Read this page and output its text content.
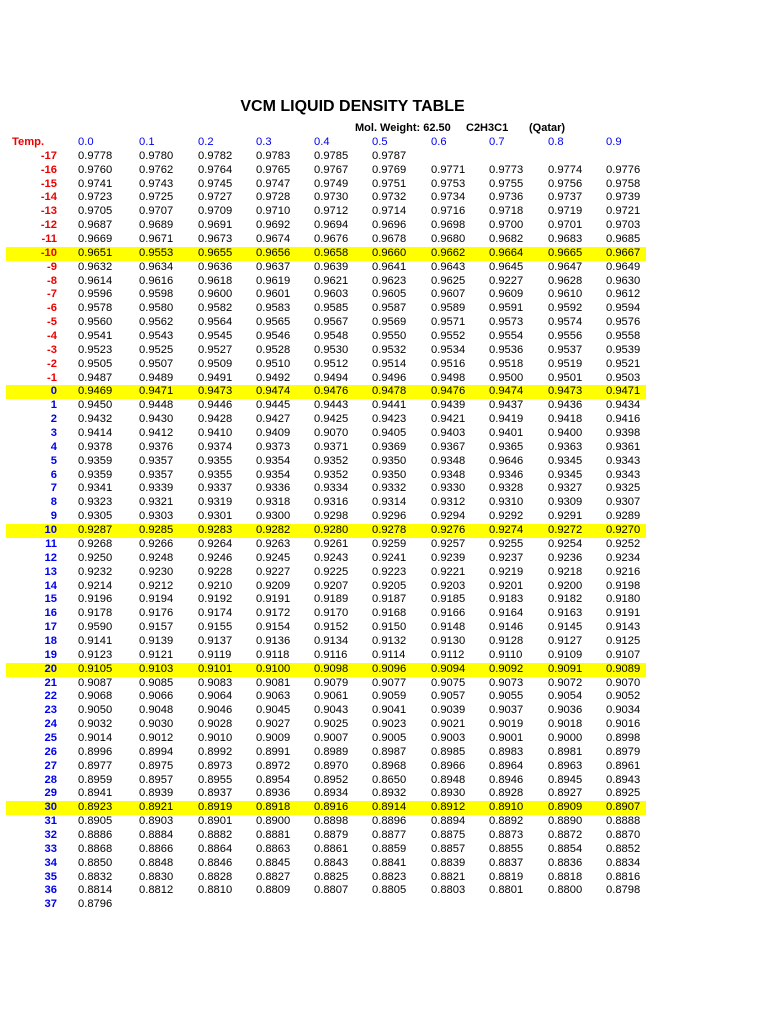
VCM LIQUID DENSITY TABLE
Mol. Weight: 62.50 C2H3C1 (Qatar)
Temp.	0.0	0.1	0.2	0.3	0.4	0.5	0.6	0.7	0.8	0.9
-17 0.9778 0.9780 0.9782 0.9783 0.9785 0.9787
-16 0.9760 0.9762 0.9764 0.9765 0.9767 0.9769 0.9771 0.9773 0.9774 0.9776
-15 0.9741 0.9743 0.9745 0.9747 0.9749 0.9751 0.9753 0.9755 0.9756 0.9758
-14 0.9723 0.9725 0.9727 0.9728 0.9730 0.9732 0.9734 0.9736 0.9737 0.9739
-13 0.9705 0.9707 0.9709 0.9710 0.9712 0.9714 0.9716 0.9718 0.9719 0.9721
-12 0.9687 0.9689 0.9691 0.9692 0.9694 0.9696 0.9698 0.9700 0.9701 0.9703
-11 0.9669 0.9671 0.9673 0.9674 0.9676 0.9678 0.9680 0.9682 0.9683 0.9685
-10 0.9651 0.9553 0.9655 0.9656 0.9658 0.9660 0.9662 0.9664 0.9665 0.9667
-9 0.9632 0.9634 0.9636 0.9637 0.9639 0.9641 0.9643 0.9645 0.9647 0.9649
-8 0.9614 0.9616 0.9618 0.9619 0.9621 0.9623 0.9625 0.9227 0.9628 0.9630
-7 0.9596 0.9598 0.9600 0.9601 0.9603 0.9605 0.9607 0.9609 0.9610 0.9612
-6 0.9578 0.9580 0.9582 0.9583 0.9585 0.9587 0.9589 0.9591 0.9592 0.9594
-5 0.9560 0.9562 0.9564 0.9565 0.9567 0.9569 0.9571 0.9573 0.9574 0.9576
-4 0.9541 0.9543 0.9545 0.9546 0.9548 0.9550 0.9552 0.9554 0.9556 0.9558
-3 0.9523 0.9525 0.9527 0.9528 0.9530 0.9532 0.9534 0.9536 0.9537 0.9539
-2 0.9505 0.9507 0.9509 0.9510 0.9512 0.9514 0.9516 0.9518 0.9519 0.9521
-1 0.9487 0.9489 0.9491 0.9492 0.9494 0.9496 0.9498 0.9500 0.9501 0.9503
0 0.9469 0.9471 0.9473 0.9474 0.9476 0.9478 0.9476 0.9474 0.9473 0.9471
1 0.9450 0.9448 0.9446 0.9445 0.9443 0.9441 0.9439 0.9437 0.9436 0.9434
2 0.9432 0.9430 0.9428 0.9427 0.9425 0.9423 0.9421 0.9419 0.9418 0.9416
3 0.9414 0.9412 0.9410 0.9409 0.9070 0.9405 0.9403 0.9401 0.9400 0.9398
4 0.9378 0.9376 0.9374 0.9373 0.9371 0.9369 0.9367 0.9365 0.9363 0.9361
5 0.9359 0.9357 0.9355 0.9354 0.9352 0.9350 0.9348 0.9646 0.9345 0.9343
6 0.9359 0.9357 0.9355 0.9354 0.9352 0.9350 0.9348 0.9346 0.9345 0.9343
7 0.9341 0.9339 0.9337 0.9336 0.9334 0.9332 0.9330 0.9328 0.9327 0.9325
8 0.9323 0.9321 0.9319 0.9318 0.9316 0.9314 0.9312 0.9310 0.9309 0.9307
9 0.9305 0.9303 0.9301 0.9300 0.9298 0.9296 0.9294 0.9292 0.9291 0.9289
10 0.9287 0.9285 0.9283 0.9282 0.9280 0.9278 0.9276 0.9274 0.9272 0.9270
11 0.9268 0.9266 0.9264 0.9263 0.9261 0.9259 0.9257 0.9255 0.9254 0.9252
12 0.9250 0.9248 0.9246 0.9245 0.9243 0.9241 0.9239 0.9237 0.9236 0.9234
13 0.9232 0.9230 0.9228 0.9227 0.9225 0.9223 0.9221 0.9219 0.9218 0.9216
14 0.9214 0.9212 0.9210 0.9209 0.9207 0.9205 0.9203 0.9201 0.9200 0.9198
15 0.9196 0.9194 0.9192 0.9191 0.9189 0.9187 0.9185 0.9183 0.9182 0.9180
16 0.9178 0.9176 0.9174 0.9172 0.9170 0.9168 0.9166 0.9164 0.9163 0.9191
17 0.9590 0.9157 0.9155 0.9154 0.9152 0.9150 0.9148 0.9146 0.9145 0.9143
18 0.9141 0.9139 0.9137 0.9136 0.9134 0.9132 0.9130 0.9128 0.9127 0.9125
19 0.9123 0.9121 0.9119 0.9118 0.9116 0.9114 0.9112 0.9110 0.9109 0.9107
20 0.9105 0.9103 0.9101 0.9100 0.9098 0.9096 0.9094 0.9092 0.9091 0.9089
21 0.9087 0.9085 0.9083 0.9081 0.9079 0.9077 0.9075 0.9073 0.9072 0.9070
22 0.9068 0.9066 0.9064 0.9063 0.9061 0.9059 0.9057 0.9055 0.9054 0.9052
23 0.9050 0.9048 0.9046 0.9045 0.9043 0.9041 0.9039 0.9037 0.9036 0.9034
24 0.9032 0.9030 0.9028 0.9027 0.9025 0.9023 0.9021 0.9019 0.9018 0.9016
25 0.9014 0.9012 0.9010 0.9009 0.9007 0.9005 0.9003 0.9001 0.9000 0.8998
26 0.8996 0.8994 0.8992 0.8991 0.8989 0.8987 0.8985 0.8983 0.8981 0.8979
27 0.8977 0.8975 0.8973 0.8972 0.8970 0.8968 0.8966 0.8964 0.8963 0.8961
28 0.8959 0.8957 0.8955 0.8954 0.8952 0.8650 0.8948 0.8946 0.8945 0.8943
29 0.8941 0.8939 0.8937 0.8936 0.8934 0.8932 0.8930 0.8928 0.8927 0.8925
30 0.8923 0.8921 0.8919 0.8918 0.8916 0.8914 0.8912 0.8910 0.8909 0.8907
31 0.8905 0.8903 0.8901 0.8900 0.8898 0.8896 0.8894 0.8892 0.8890 0.8888
32 0.8886 0.8884 0.8882 0.8881 0.8879 0.8877 0.8875 0.8873 0.8872 0.8870
33 0.8868 0.8866 0.8864 0.8863 0.8861 0.8859 0.8857 0.8855 0.8854 0.8852
34 0.8850 0.8848 0.8846 0.8845 0.8843 0.8841 0.8839 0.8837 0.8836 0.8834
35 0.8832 0.8830 0.8828 0.8827 0.8825 0.8823 0.8821 0.8819 0.8818 0.8816
36 0.8814 0.8812 0.8810 0.8809 0.8807 0.8805 0.8803 0.8801 0.8800 0.8798
37 0.8796
